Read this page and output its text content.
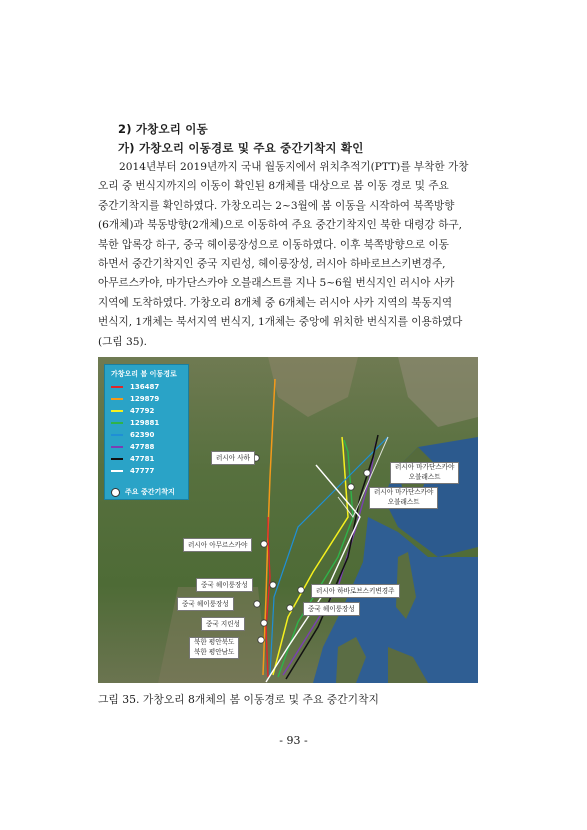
2) 가창오리 이동
가) 가창오리 이동경로 및 주요 중간기착지 확인
2014년부터 2019년까지 국내 월동지에서 위치추적기(PTT)를 부착한 가창
오리 중 번식지까지의 이동이 확인된 8개체를 대상으로 봄 이동 경로 및 주요
중간기착지를 확인하였다. 가창오리는 2~3월에 봄 이동을 시작하여 북쪽방향
(6개체)과 북동방향(2개체)으로 이동하여 주요 중간기착지인 북한 대령강 하구,
북한 압록강 하구, 중국 헤이룽장성으로 이동하였다. 이후 북쪽방향으로 이동
하면서 중간기착지인 중국 지린성, 헤이룽장성, 러시아 하바로브스키변경주,
아무르스카야, 마가단스카야 오블래스트를 지나 5~6월 번식지인 러시아 사카
지역에 도착하였다. 가창오리 8개체 중 6개체는 러시아 사카 지역의 북동지역
번식지, 1개체는 북서지역 번식지, 1개체는 중앙에 위치한 번식지를 이용하였다
(그림 35).
가창오리 봄 이동경로
136487
129879
47792
129881
62390
47788
47781
47777
주요 중간기착지
러시아 사하
러시아 마가단스카야
오블래스트
러시아 마가단스카야
오블래스트
러시아 아무르스카야
중국 헤이룽장성
러시아 하바로브스키변경주
중국 헤이룽장성
중국 헤이룽장성
중국 지린성
북한 평안북도
북한 평안남도
그림 35. 가창오리 8개체의 봄 이동경로 및 주요 중간기착지
- 93 -
